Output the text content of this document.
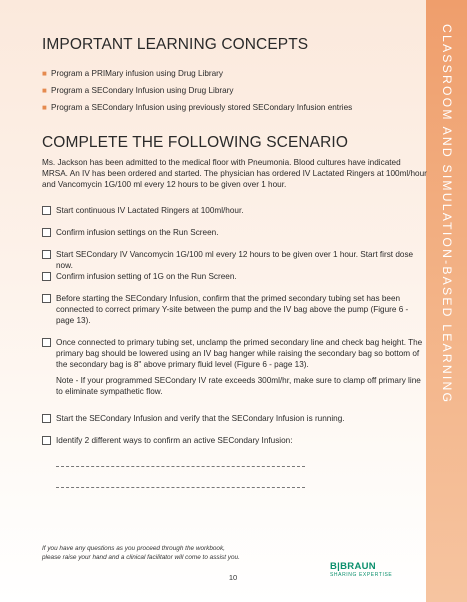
CLASSROOM AND SIMULATION-BASED LEARNING
IMPORTANT LEARNING CONCEPTS
■ Program a PRIMary infusion using Drug Library
■ Program a SECondary Infusion using Drug Library
■ Program a SECondary Infusion using previously stored SECondary Infusion entries
COMPLETE THE FOLLOWING SCENARIO

Ms. Jackson has been admitted to the medical floor with Pneumonia. Blood cultures have indicated MRSA. An IV has been ordered and started. The physician has ordered IV Lactated Ringers at 100ml/hour and Vancomycin 1G/100 ml every 12 hours to be given over 1 hour.

Start continuous IV Lactated Ringers at 100ml/hour.
Confirm infusion settings on the Run Screen.
Start SECondary IV Vancomycin 1G/100 ml every 12 hours to be given over 1 hour. Start first dose now.
Confirm infusion setting of 1G on the Run Screen.
Before starting the SECondary Infusion, confirm that the primed secondary tubing set has been connected to correct primary Y-site between the pump and the IV bag above the pump (Figure 6 - page 13).
Once connected to primary tubing set, unclamp the primed secondary line and check bag height. The primary bag should be lowered using an IV bag hanger while raising the secondary bag so bottom of the secondary bag is 8" above primary fluid level (Figure 6 - page 13).
Note - If your programmed SECondary IV rate exceeds 300ml/hr, make sure to clamp off primary line to eliminate sympathetic flow.
Start the SECondary Infusion and verify that the SECondary Infusion is running.
Identify 2 different ways to confirm an active SECondary Infusion:
If you have any questions as you proceed through the workbook,
please raise your hand and a clinical facilitator will come to assist you.
10
B|BRAUN
SHARING EXPERTISE
